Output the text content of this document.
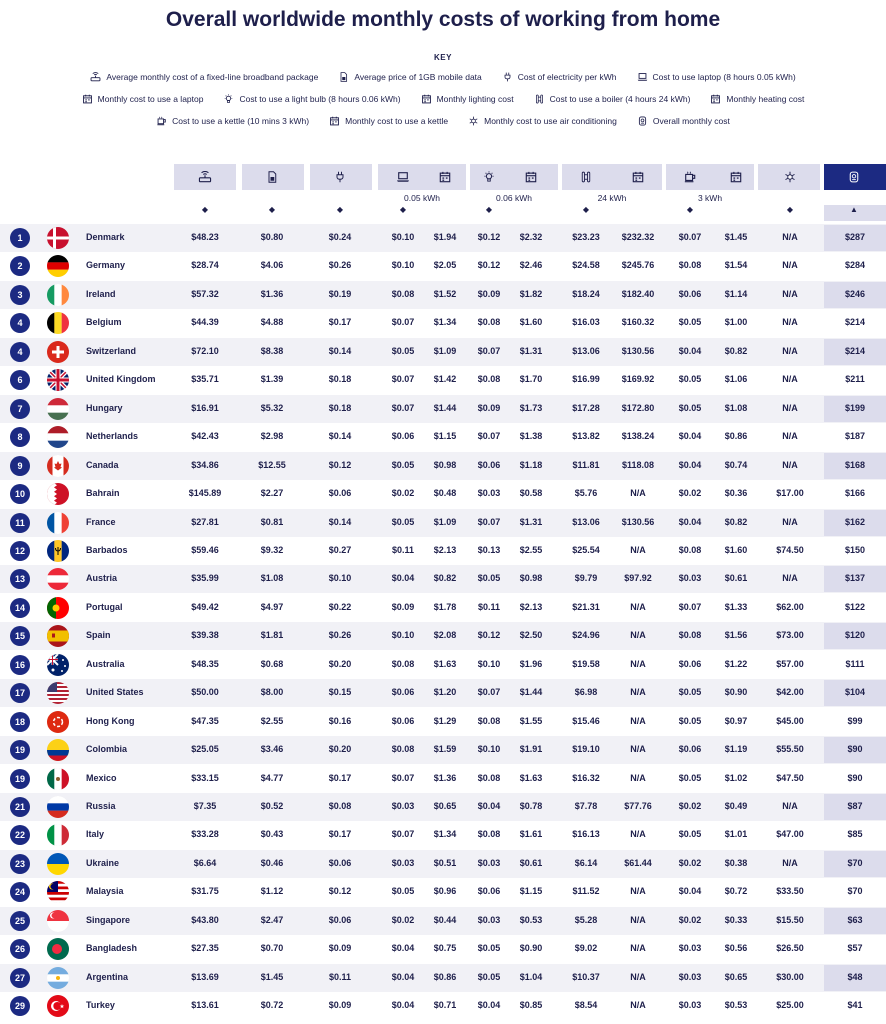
Overall worldwide monthly costs of working from home
KEY
Average monthly cost of a fixed-line broadband package	Average price of 1GB mobile data	Cost of electricity per kWh	Cost to use laptop (8 hours 0.05 kWh)
Monthly cost to use a laptop	Cost to use a light bulb (8 hours 0.06 kWh)	Monthly lighting cost	Cost to use a boiler (4 hours 24 kWh)	Monthly heating cost
Cost to use a kettle (10 mins 3 kWh)	Monthly cost to use a kettle	Monthly cost to use air conditioning	Overall monthly cost
0.05 kWh	0.06 kWh	24 kWh	3 kWh
◆	◆	◆	◆	◆	◆	◆	◆	▲
1	Denmark	$48.23	$0.80	$0.24	$0.10	$1.94	$0.12	$2.32	$23.23	$232.32	$0.07	$1.45	N/A	$287
2	Germany	$28.74	$4.06	$0.26	$0.10	$2.05	$0.12	$2.46	$24.58	$245.76	$0.08	$1.54	N/A	$284
3	Ireland	$57.32	$1.36	$0.19	$0.08	$1.52	$0.09	$1.82	$18.24	$182.40	$0.06	$1.14	N/A	$246
4	Belgium	$44.39	$4.88	$0.17	$0.07	$1.34	$0.08	$1.60	$16.03	$160.32	$0.05	$1.00	N/A	$214
4	Switzerland	$72.10	$8.38	$0.14	$0.05	$1.09	$0.07	$1.31	$13.06	$130.56	$0.04	$0.82	N/A	$214
6	United Kingdom	$35.71	$1.39	$0.18	$0.07	$1.42	$0.08	$1.70	$16.99	$169.92	$0.05	$1.06	N/A	$211
7	Hungary	$16.91	$5.32	$0.18	$0.07	$1.44	$0.09	$1.73	$17.28	$172.80	$0.05	$1.08	N/A	$199
8	Netherlands	$42.43	$2.98	$0.14	$0.06	$1.15	$0.07	$1.38	$13.82	$138.24	$0.04	$0.86	N/A	$187
9	Canada	$34.86	$12.55	$0.12	$0.05	$0.98	$0.06	$1.18	$11.81	$118.08	$0.04	$0.74	N/A	$168
10	Bahrain	$145.89	$2.27	$0.06	$0.02	$0.48	$0.03	$0.58	$5.76	N/A	$0.02	$0.36	$17.00	$166
11	France	$27.81	$0.81	$0.14	$0.05	$1.09	$0.07	$1.31	$13.06	$130.56	$0.04	$0.82	N/A	$162
12	Barbados	$59.46	$9.32	$0.27	$0.11	$2.13	$0.13	$2.55	$25.54	N/A	$0.08	$1.60	$74.50	$150
13	Austria	$35.99	$1.08	$0.10	$0.04	$0.82	$0.05	$0.98	$9.79	$97.92	$0.03	$0.61	N/A	$137
14	Portugal	$49.42	$4.97	$0.22	$0.09	$1.78	$0.11	$2.13	$21.31	N/A	$0.07	$1.33	$62.00	$122
15	Spain	$39.38	$1.81	$0.26	$0.10	$2.08	$0.12	$2.50	$24.96	N/A	$0.08	$1.56	$73.00	$120
16	Australia	$48.35	$0.68	$0.20	$0.08	$1.63	$0.10	$1.96	$19.58	N/A	$0.06	$1.22	$57.00	$111
17	United States	$50.00	$8.00	$0.15	$0.06	$1.20	$0.07	$1.44	$6.98	N/A	$0.05	$0.90	$42.00	$104
18	Hong Kong	$47.35	$2.55	$0.16	$0.06	$1.29	$0.08	$1.55	$15.46	N/A	$0.05	$0.97	$45.00	$99
19	Colombia	$25.05	$3.46	$0.20	$0.08	$1.59	$0.10	$1.91	$19.10	N/A	$0.06	$1.19	$55.50	$90
19	Mexico	$33.15	$4.77	$0.17	$0.07	$1.36	$0.08	$1.63	$16.32	N/A	$0.05	$1.02	$47.50	$90
21	Russia	$7.35	$0.52	$0.08	$0.03	$0.65	$0.04	$0.78	$7.78	$77.76	$0.02	$0.49	N/A	$87
22	Italy	$33.28	$0.43	$0.17	$0.07	$1.34	$0.08	$1.61	$16.13	N/A	$0.05	$1.01	$47.00	$85
23	Ukraine	$6.64	$0.46	$0.06	$0.03	$0.51	$0.03	$0.61	$6.14	$61.44	$0.02	$0.38	N/A	$70
24	Malaysia	$31.75	$1.12	$0.12	$0.05	$0.96	$0.06	$1.15	$11.52	N/A	$0.04	$0.72	$33.50	$70
25	Singapore	$43.80	$2.47	$0.06	$0.02	$0.44	$0.03	$0.53	$5.28	N/A	$0.02	$0.33	$15.50	$63
26	Bangladesh	$27.35	$0.70	$0.09	$0.04	$0.75	$0.05	$0.90	$9.02	N/A	$0.03	$0.56	$26.50	$57
27	Argentina	$13.69	$1.45	$0.11	$0.04	$0.86	$0.05	$1.04	$10.37	N/A	$0.03	$0.65	$30.00	$48
29	Turkey	$13.61	$0.72	$0.09	$0.04	$0.71	$0.04	$0.85	$8.54	N/A	$0.03	$0.53	$25.00	$41
